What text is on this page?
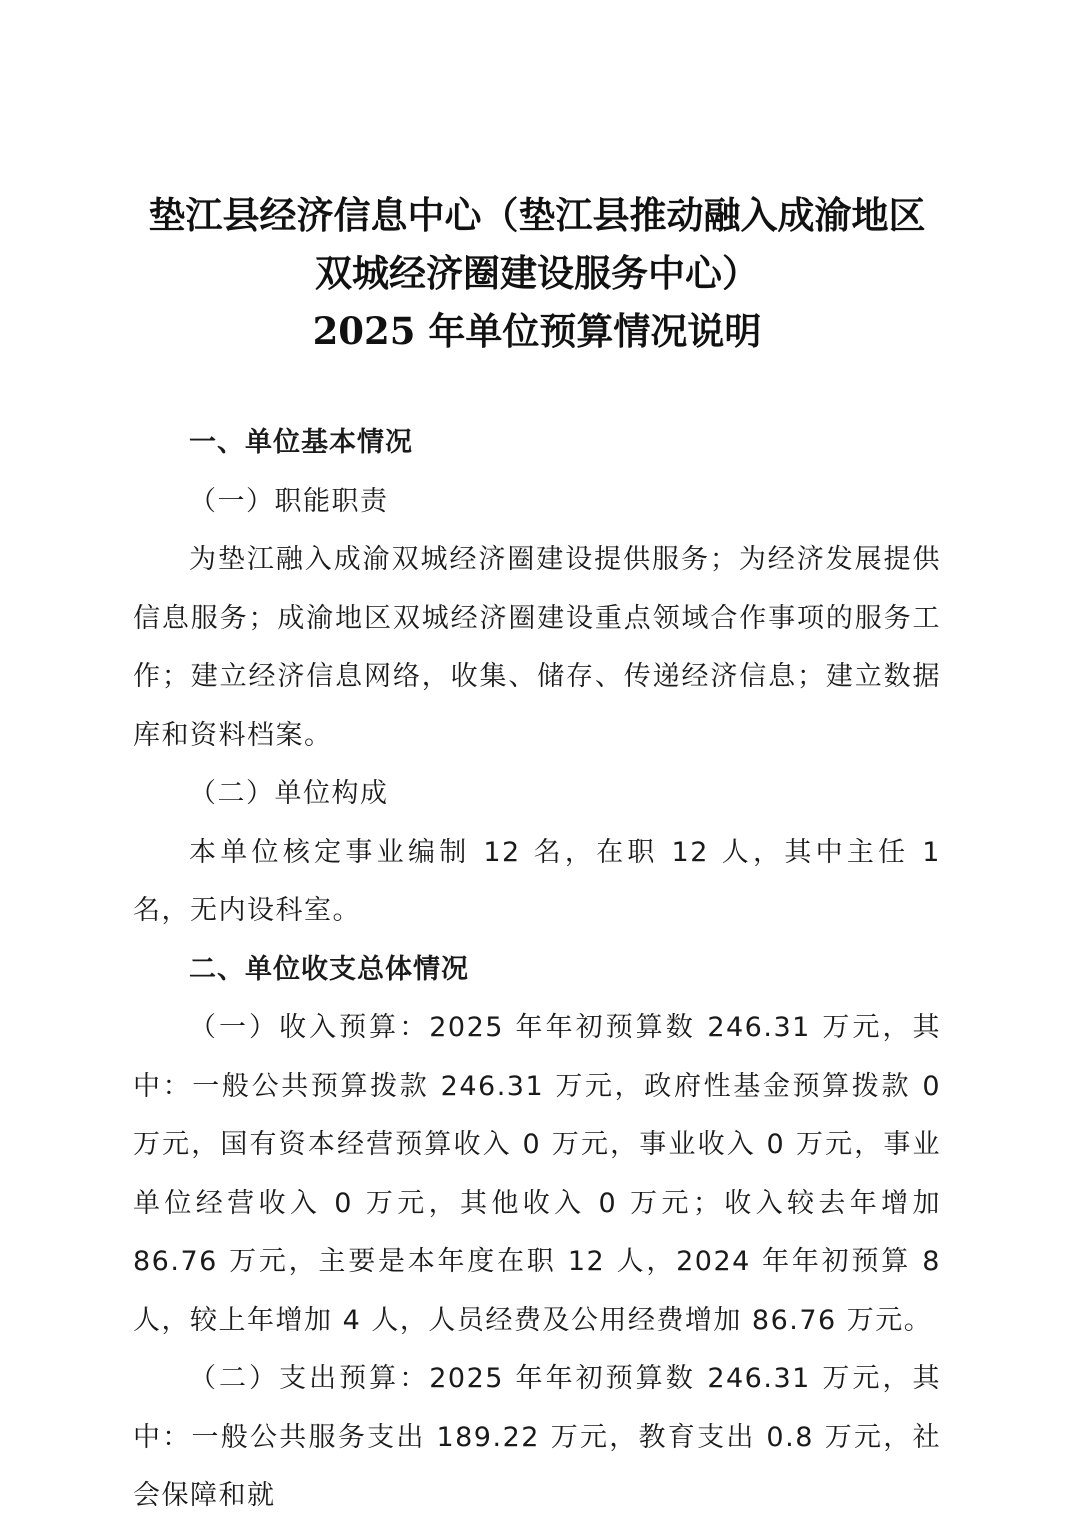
垫江县经济信息中心（垫江县推动融入成渝地区
双城经济圈建设服务中心）
2025 年单位预算情况说明

一、单位基本情况

（一）职能职责

为垫江融入成渝双城经济圈建设提供服务；为经济发展提供信息服务；成渝地区双城经济圈建设重点领域合作事项的服务工作；建立经济信息网络，收集、储存、传递经济信息；建立数据库和资料档案。

（二）单位构成

本单位核定事业编制 12 名，在职 12 人，其中主任 1 名，无内设科室。

二、单位收支总体情况

（一）收入预算：2025 年年初预算数 246.31 万元，其中：一般公共预算拨款 246.31 万元，政府性基金预算拨款 0 万元，国有资本经营预算收入 0 万元，事业收入 0 万元，事业单位经营收入 0 万元，其他收入 0 万元；收入较去年增加 86.76 万元，主要是本年度在职 12 人，2024 年年初预算 8 人，较上年增加 4 人，人员经费及公用经费增加 86.76 万元。

（二）支出预算：2025 年年初预算数 246.31 万元，其中：一般公共服务支出 189.22 万元，教育支出 0.8 万元，社会保障和就
